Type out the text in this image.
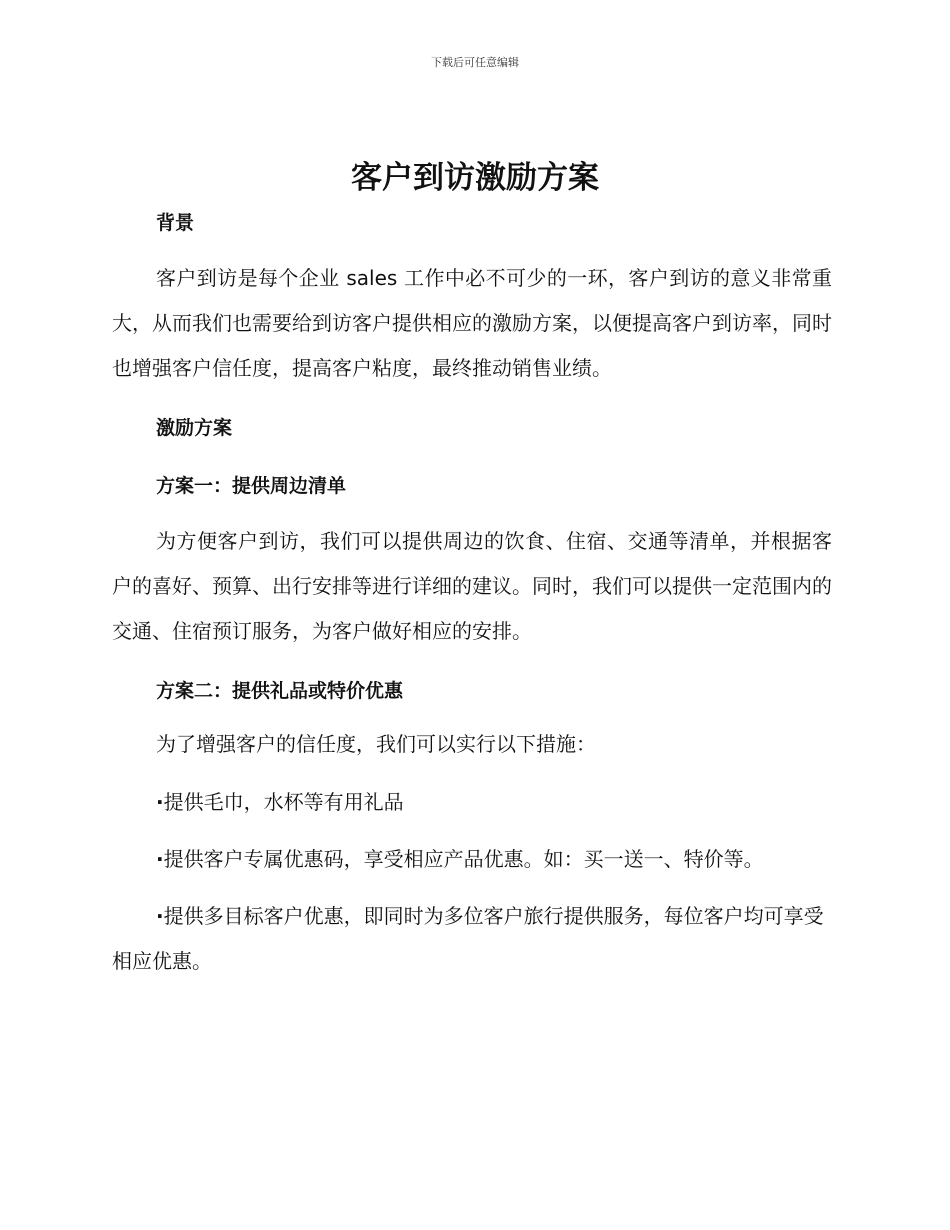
下载后可任意编辑
客户到访激励方案
背景

客户到访是每个企业 sales 工作中必不可少的一环，客户到访的意义非常重大，从而我们也需要给到访客户提供相应的激励方案，以便提高客户到访率，同时也增强客户信任度，提高客户粘度，最终推动销售业绩。

激励方案
方案一：提供周边清单

为方便客户到访，我们可以提供周边的饮食、住宿、交通等清单，并根据客户的喜好、预算、出行安排等进行详细的建议。同时，我们可以提供一定范围内的交通、住宿预订服务，为客户做好相应的安排。

方案二：提供礼品或特价优惠

为了增强客户的信任度，我们可以实行以下措施：

·提供毛巾，水杯等有用礼品

·提供客户专属优惠码，享受相应产品优惠。如：买一送一、特价等。

·提供多目标客户优惠，即同时为多位客户旅行提供服务，每位客户均可享受相应优惠。
